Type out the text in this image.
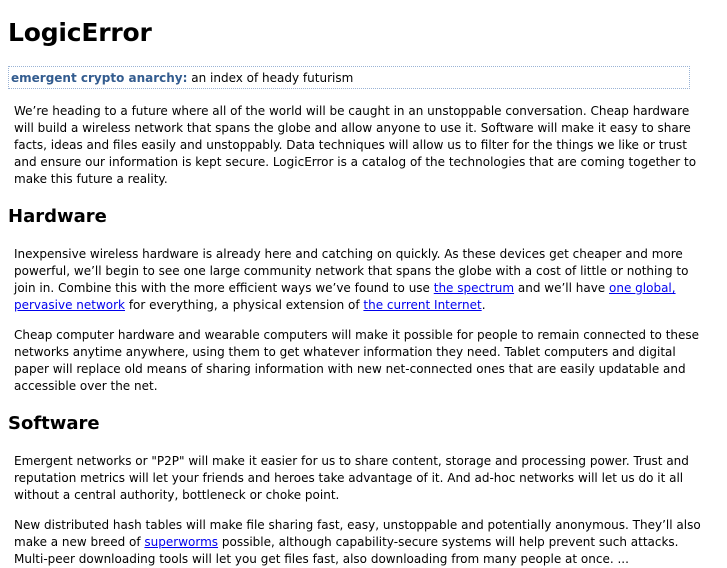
LogicError
emergent crypto anarchy: an index of heady futurism

We’re heading to a future where all of the world will be caught in an unstoppable conversation. Cheap hardware will build a wireless network that spans the globe and allow anyone to use it. Software will make it easy to share facts, ideas and files easily and unstoppably. Data techniques will allow us to filter for the things we like or trust and ensure our information is kept secure. LogicError is a catalog of the technologies that are coming together to make this future a reality.

Hardware

Inexpensive wireless hardware is already here and catching on quickly. As these devices get cheaper and more powerful, we’ll begin to see one large community network that spans the globe with a cost of little or nothing to join in. Combine this with the more efficient ways we’ve found to use the spectrum and we’ll have one global, pervasive network for everything, a physical extension of the current Internet.

Cheap computer hardware and wearable computers will make it possible for people to remain connected to these networks anytime anywhere, using them to get whatever information they need. Tablet computers and digital paper will replace old means of sharing information with new net-connected ones that are easily updatable and accessible over the net.

Software

Emergent networks or "P2P" will make it easier for us to share content, storage and processing power. Trust and reputation metrics will let your friends and heroes take advantage of it. And ad-hoc networks will let us do it all without a central authority, bottleneck or choke point.

New distributed hash tables will make file sharing fast, easy, unstoppable and potentially anonymous. They’ll also make a new breed of superworms possible, although capability-secure systems will help prevent such attacks. Multi-peer downloading tools will let you get files fast, also downloading from many people at once. ...
